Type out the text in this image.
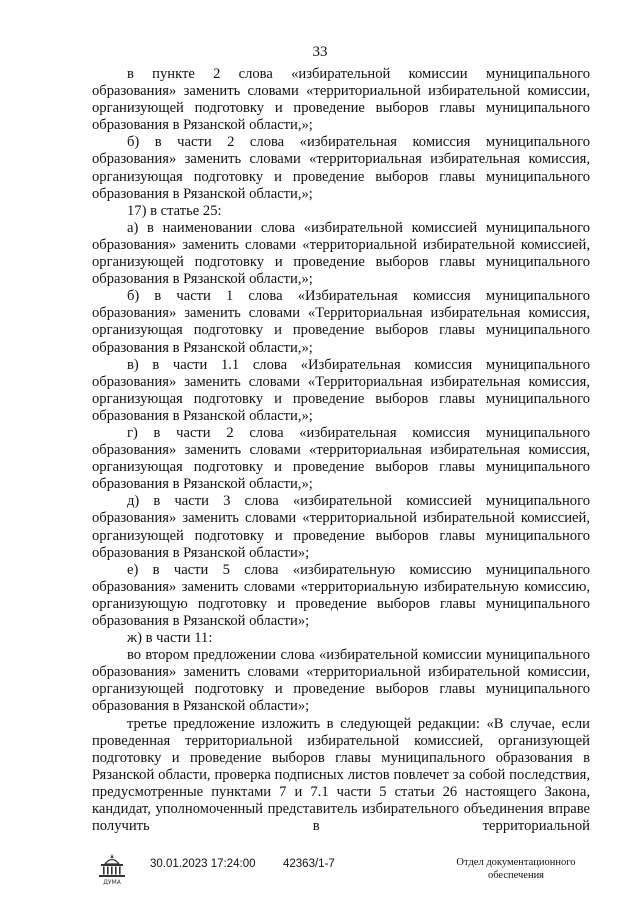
33

в пункте 2 слова «избирательной комиссии муниципального образования» заменить словами «территориальной избирательной комиссии, организующей подготовку и проведение выборов главы муниципального образования в Рязанской области,»;

б) в части 2 слова «избирательная комиссия муниципального образования» заменить словами «территориальная избирательная комиссия, организующая подготовку и проведение выборов главы муниципального образования в Рязанской области,»;

17) в статье 25:

а) в наименовании слова «избирательной комиссией муниципального образования» заменить словами «территориальной избирательной комиссией, организующей подготовку и проведение выборов главы муниципального образования в Рязанской области,»;

б) в части 1 слова «Избирательная комиссия муниципального образования» заменить словами «Территориальная избирательная комиссия, организующая подготовку и проведение выборов главы муниципального образования в Рязанской области,»;

в) в части 1.1 слова «Избирательная комиссия муниципального образования» заменить словами «Территориальная избирательная комиссия, организующая подготовку и проведение выборов главы муниципального образования в Рязанской области,»;

г) в части 2 слова «избирательная комиссия муниципального образования» заменить словами «территориальная избирательная комиссия, организующая подготовку и проведение выборов главы муниципального образования в Рязанской области,»;

д) в части 3 слова «избирательной комиссией муниципального образования» заменить словами «территориальной избирательной комиссией, организующей подготовку и проведение выборов главы муниципального образования в Рязанской области»;

е) в части 5 слова «избирательную комиссию муниципального образования» заменить словами «территориальную избирательную комиссию, организующую подготовку и проведение выборов главы муниципального образования в Рязанской области»;

ж) в части 11:

во втором предложении слова «избирательной комиссии муниципального образования» заменить словами «территориальной избирательной комиссии, организующей подготовку и проведение выборов главы муниципального образования в Рязанской области»;

третье предложение изложить в следующей редакции: «В случае, если проведенная территориальной избирательной комиссией, организующей подготовку и проведение выборов главы муниципального образования в Рязанской области, проверка подписных листов повлечет за собой последствия, предусмотренные пунктами 7 и 7.1 части 5 статьи 26 настоящего Закона, кандидат, уполномоченный представитель избирательного объединения вправе получить в территориальной

ДУМА
30.01.2023 17:24:00 42363/1-7	Отдел документационного обеспечения
